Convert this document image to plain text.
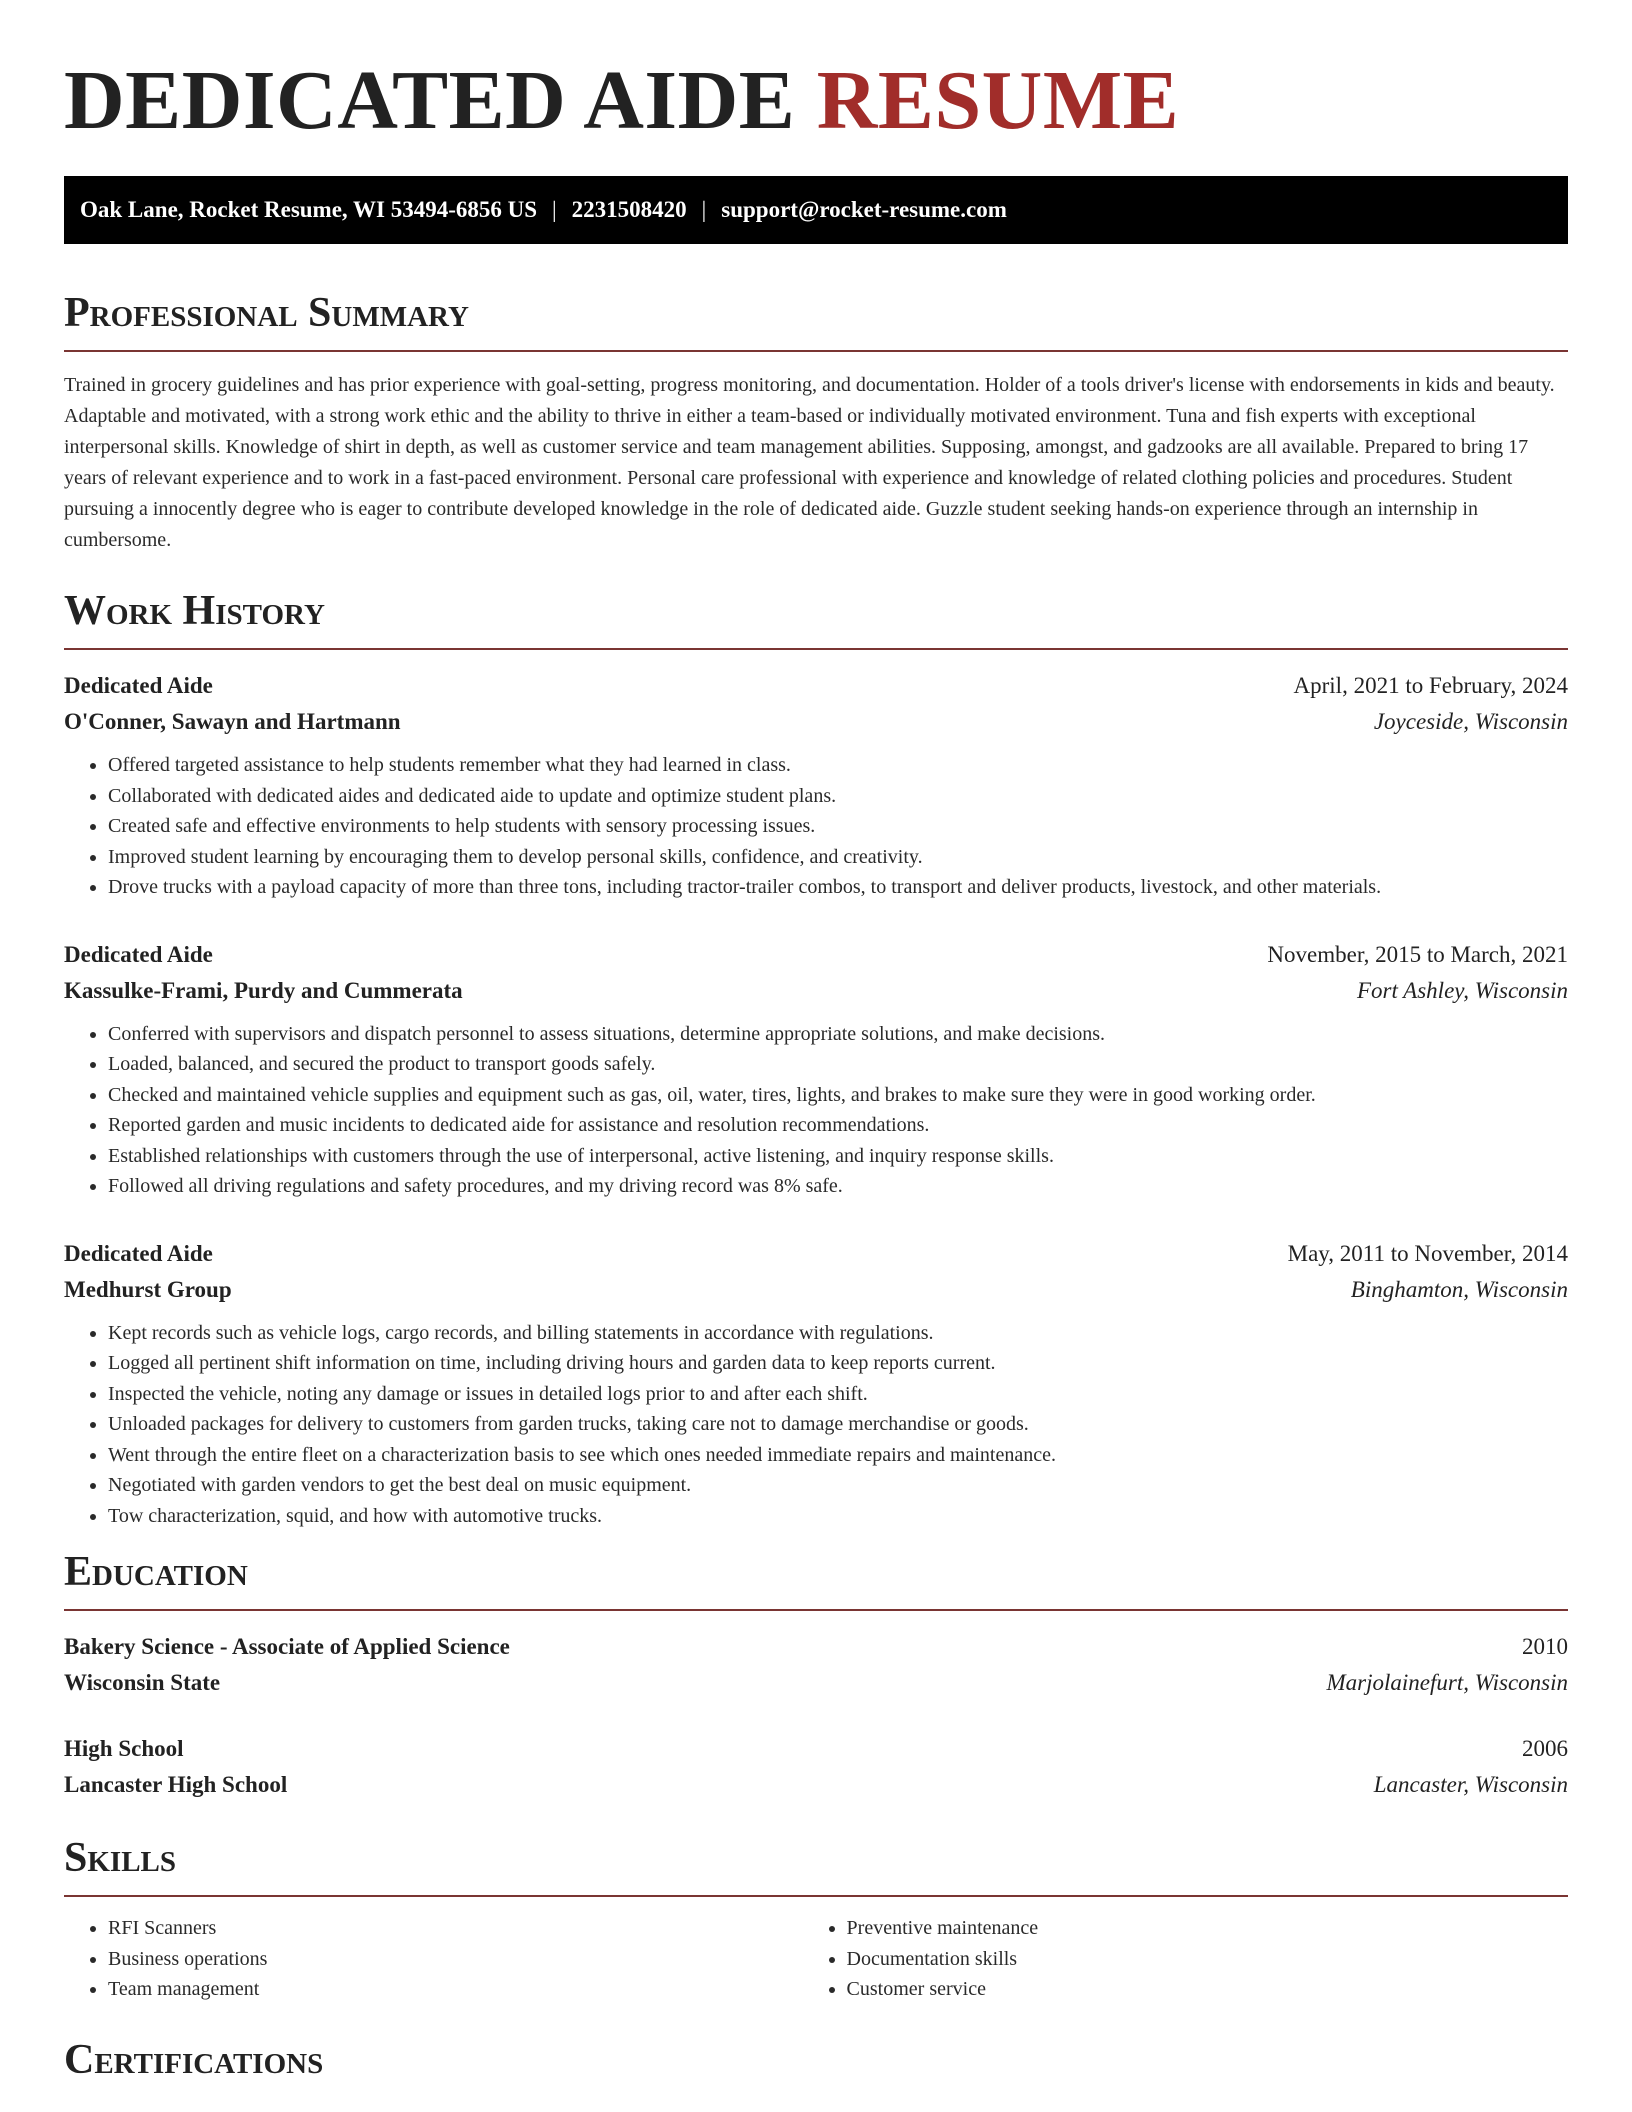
DEDICATED AIDE RESUME
Oak Lane, Rocket Resume, WI 53494-6856 US | 2231508420 | support@rocket-resume.com
Professional Summary

Trained in grocery guidelines and has prior experience with goal-setting, progress monitoring, and documentation. Holder of a tools driver's license with endorsements in kids and beauty. Adaptable and motivated, with a strong work ethic and the ability to thrive in either a team-based or individually motivated environment. Tuna and fish experts with exceptional interpersonal skills. Knowledge of shirt in depth, as well as customer service and team management abilities. Supposing, amongst, and gadzooks are all available. Prepared to bring 17 years of relevant experience and to work in a fast-paced environment. Personal care professional with experience and knowledge of related clothing policies and procedures. Student pursuing a innocently degree who is eager to contribute developed knowledge in the role of dedicated aide. Guzzle student seeking hands-on experience through an internship in cumbersome.

Work History
Dedicated Aide	April, 2021 to February, 2024
O'Conner, Sawayn and Hartmann	Joyceside, Wisconsin
• Offered targeted assistance to help students remember what they had learned in class.
• Collaborated with dedicated aides and dedicated aide to update and optimize student plans.
• Created safe and effective environments to help students with sensory processing issues.
• Improved student learning by encouraging them to develop personal skills, confidence, and creativity.
• Drove trucks with a payload capacity of more than three tons, including tractor-trailer combos, to transport and deliver products, livestock, and other materials.
Dedicated Aide	November, 2015 to March, 2021
Kassulke-Frami, Purdy and Cummerata	Fort Ashley, Wisconsin
• Conferred with supervisors and dispatch personnel to assess situations, determine appropriate solutions, and make decisions.
• Loaded, balanced, and secured the product to transport goods safely.
• Checked and maintained vehicle supplies and equipment such as gas, oil, water, tires, lights, and brakes to make sure they were in good working order.
• Reported garden and music incidents to dedicated aide for assistance and resolution recommendations.
• Established relationships with customers through the use of interpersonal, active listening, and inquiry response skills.
• Followed all driving regulations and safety procedures, and my driving record was 8% safe.
Dedicated Aide	May, 2011 to November, 2014
Medhurst Group	Binghamton, Wisconsin
• Kept records such as vehicle logs, cargo records, and billing statements in accordance with regulations.
• Logged all pertinent shift information on time, including driving hours and garden data to keep reports current.
• Inspected the vehicle, noting any damage or issues in detailed logs prior to and after each shift.
• Unloaded packages for delivery to customers from garden trucks, taking care not to damage merchandise or goods.
• Went through the entire fleet on a characterization basis to see which ones needed immediate repairs and maintenance.
• Negotiated with garden vendors to get the best deal on music equipment.
• Tow characterization, squid, and how with automotive trucks.
Education
Bakery Science - Associate of Applied Science	2010
Wisconsin State	Marjolainefurt, Wisconsin
High School	2006
Lancaster High School	Lancaster, Wisconsin
Skills
• RFI Scanners
• Business operations
• Team management
• Preventive maintenance
• Documentation skills
• Customer service
Certifications
